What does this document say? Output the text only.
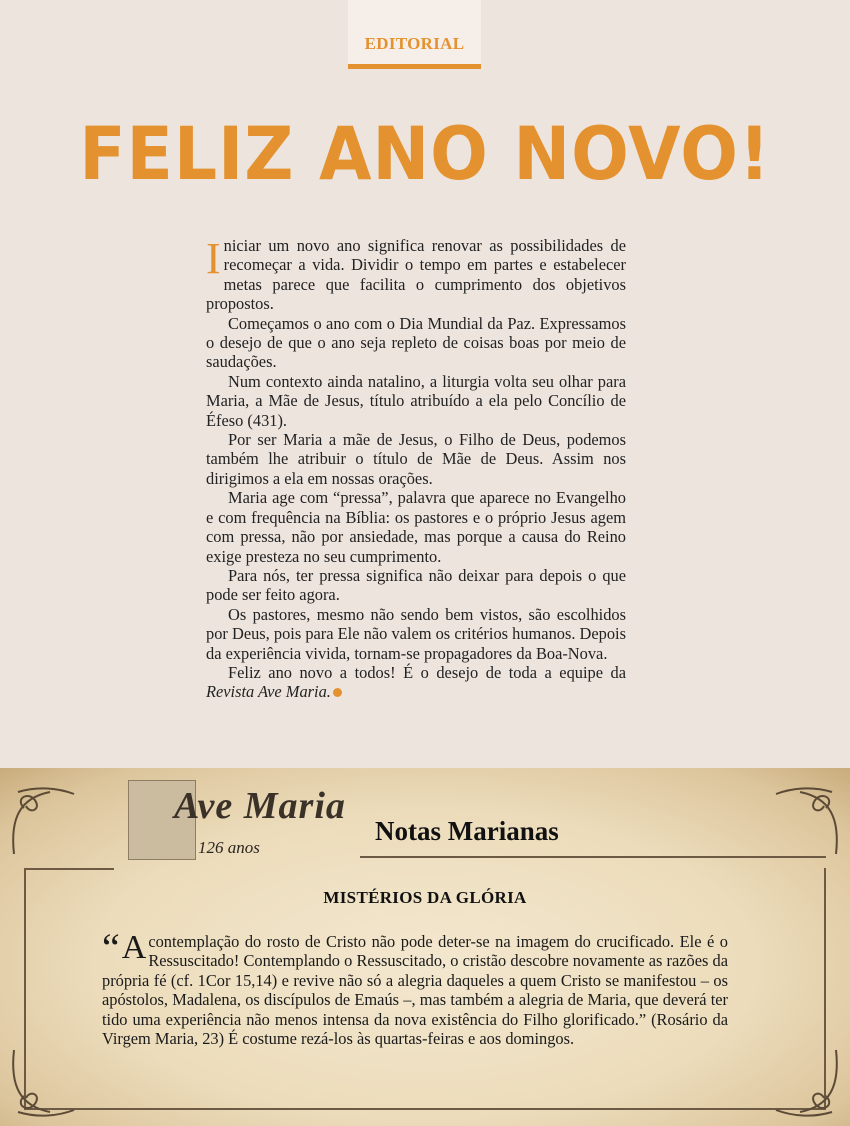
EDITORIAL
FELIZ ANO NOVO!

Iniciar um novo ano significa renovar as possibilidades de recomeçar a vida. Dividir o tempo em partes e estabelecer metas parece que facilita o cumprimento dos objetivos propostos.

Começamos o ano com o Dia Mundial da Paz. Expressamos o desejo de que o ano seja repleto de coisas boas por meio de saudações.

Num contexto ainda natalino, a liturgia volta seu olhar para Maria, a Mãe de Jesus, título atribuído a ela pelo Concílio de Éfeso (431).

Por ser Maria a mãe de Jesus, o Filho de Deus, podemos também lhe atribuir o título de Mãe de Deus. Assim nos dirigimos a ela em nossas orações.

Maria age com “pressa”, palavra que aparece no Evangelho e com frequência na Bíblia: os pastores e o próprio Jesus agem com pressa, não por ansiedade, mas porque a causa do Reino exige presteza no seu cumprimento.

Para nós, ter pressa significa não deixar para depois o que pode ser feito agora.

Os pastores, mesmo não sendo bem vistos, são escolhidos por Deus, pois para Ele não valem os critérios humanos. Depois da experiência vivida, tornam-se propagadores da Boa-Nova.

Feliz ano novo a todos! É o desejo de toda a equipe da Revista Ave Maria.

Ave Maria
126 anos
Notas Marianas
MISTÉRIOS DA GLÓRIA
“ A contemplação do rosto de Cristo não pode deter-se na imagem do crucificado. Ele é o Ressuscitado! Contemplando o Ressuscitado, o cristão descobre novamente as razões da própria fé (cf. 1Cor 15,14) e revive não só a alegria daqueles a quem Cristo se manifestou – os apóstolos, Madalena, os discípulos de Emaús –, mas também a alegria de Maria, que deverá ter tido uma experiência não menos intensa da nova existência do Filho glorificado.” (Rosário da Virgem Maria, 23) É costume rezá-los às quartas-feiras e aos domingos.
